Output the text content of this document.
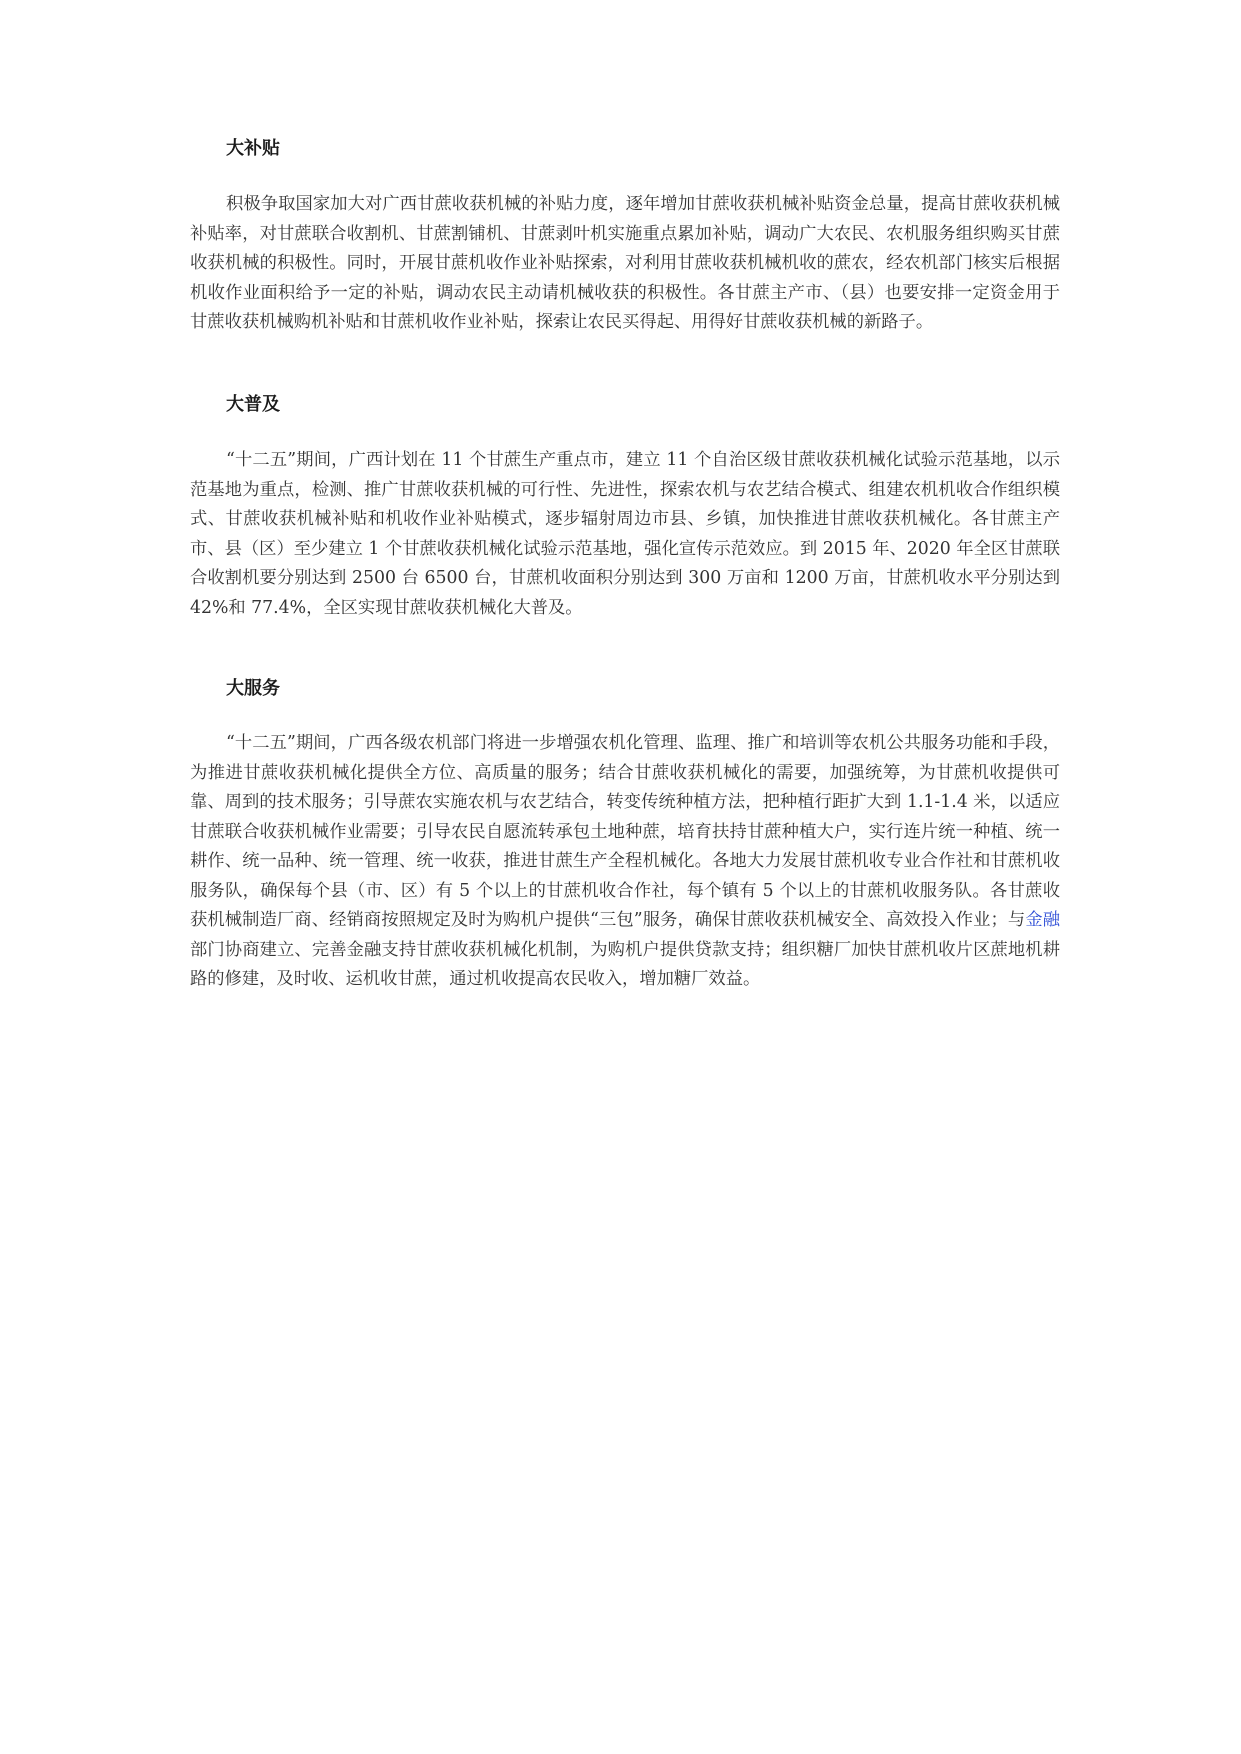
大补贴

积极争取国家加大对广西甘蔗收获机械的补贴力度，逐年增加甘蔗收获机械补贴资金总量，提高甘蔗收获机械补贴率，对甘蔗联合收割机、甘蔗割铺机、甘蔗剥叶机实施重点累加补贴，调动广大农民、农机服务组织购买甘蔗收获机械的积极性。同时，开展甘蔗机收作业补贴探索，对利用甘蔗收获机械机收的蔗农，经农机部门核实后根据机收作业面积给予一定的补贴，调动农民主动请机械收获的积极性。各甘蔗主产市、（县）也要安排一定资金用于甘蔗收获机械购机补贴和甘蔗机收作业补贴，探索让农民买得起、用得好甘蔗收获机械的新路子。

大普及

“十二五”期间，广西计划在 11 个甘蔗生产重点市，建立 11 个自治区级甘蔗收获机械化试验示范基地，以示范基地为重点，检测、推广甘蔗收获机械的可行性、先进性，探索农机与农艺结合模式、组建农机机收合作组织模式、甘蔗收获机械补贴和机收作业补贴模式，逐步辐射周边市县、乡镇，加快推进甘蔗收获机械化。各甘蔗主产市、县（区）至少建立 1 个甘蔗收获机械化试验示范基地，强化宣传示范效应。到 2015 年、2020 年全区甘蔗联合收割机要分别达到 2500 台 6500 台，甘蔗机收面积分别达到 300 万亩和 1200 万亩，甘蔗机收水平分别达到 42%和 77.4%，全区实现甘蔗收获机械化大普及。

大服务

“十二五”期间，广西各级农机部门将进一步增强农机化管理、监理、推广和培训等农机公共服务功能和手段，为推进甘蔗收获机械化提供全方位、高质量的服务；结合甘蔗收获机械化的需要，加强统筹，为甘蔗机收提供可靠、周到的技术服务；引导蔗农实施农机与农艺结合，转变传统种植方法，把种植行距扩大到 1.1-1.4 米，以适应甘蔗联合收获机械作业需要；引导农民自愿流转承包土地种蔗，培育扶持甘蔗种植大户，实行连片统一种植、统一耕作、统一品种、统一管理、统一收获，推进甘蔗生产全程机械化。各地大力发展甘蔗机收专业合作社和甘蔗机收服务队，确保每个县（市、区）有 5 个以上的甘蔗机收合作社，每个镇有 5 个以上的甘蔗机收服务队。各甘蔗收获机械制造厂商、经销商按照规定及时为购机户提供“三包”服务，确保甘蔗收获机械安全、高效投入作业；与金融部门协商建立、完善金融支持甘蔗收获机械化机制，为购机户提供贷款支持；组织糖厂加快甘蔗机收片区蔗地机耕路的修建，及时收、运机收甘蔗，通过机收提高农民收入，增加糖厂效益。
